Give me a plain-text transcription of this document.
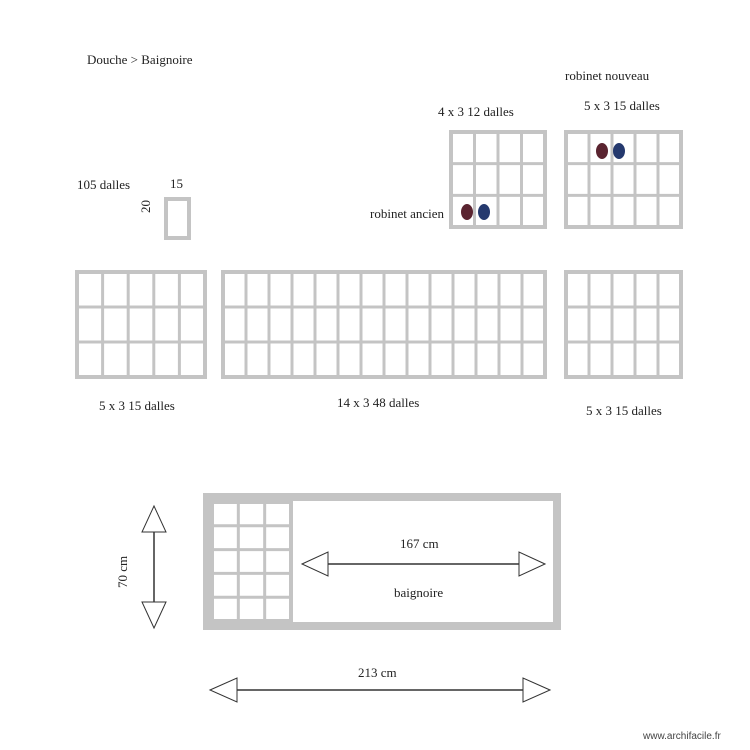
Douche > Baignoire
robinet nouveau
4 x 3 12 dalles	5 x 3 15 dalles
105 dalles	15
20	robinet ancien
5 x 3 15 dalles	14 x 3 48 dalles
5 x 3 15 dalles
70 cm
167 cm
baignoire
213 cm
www.archifacile.fr
